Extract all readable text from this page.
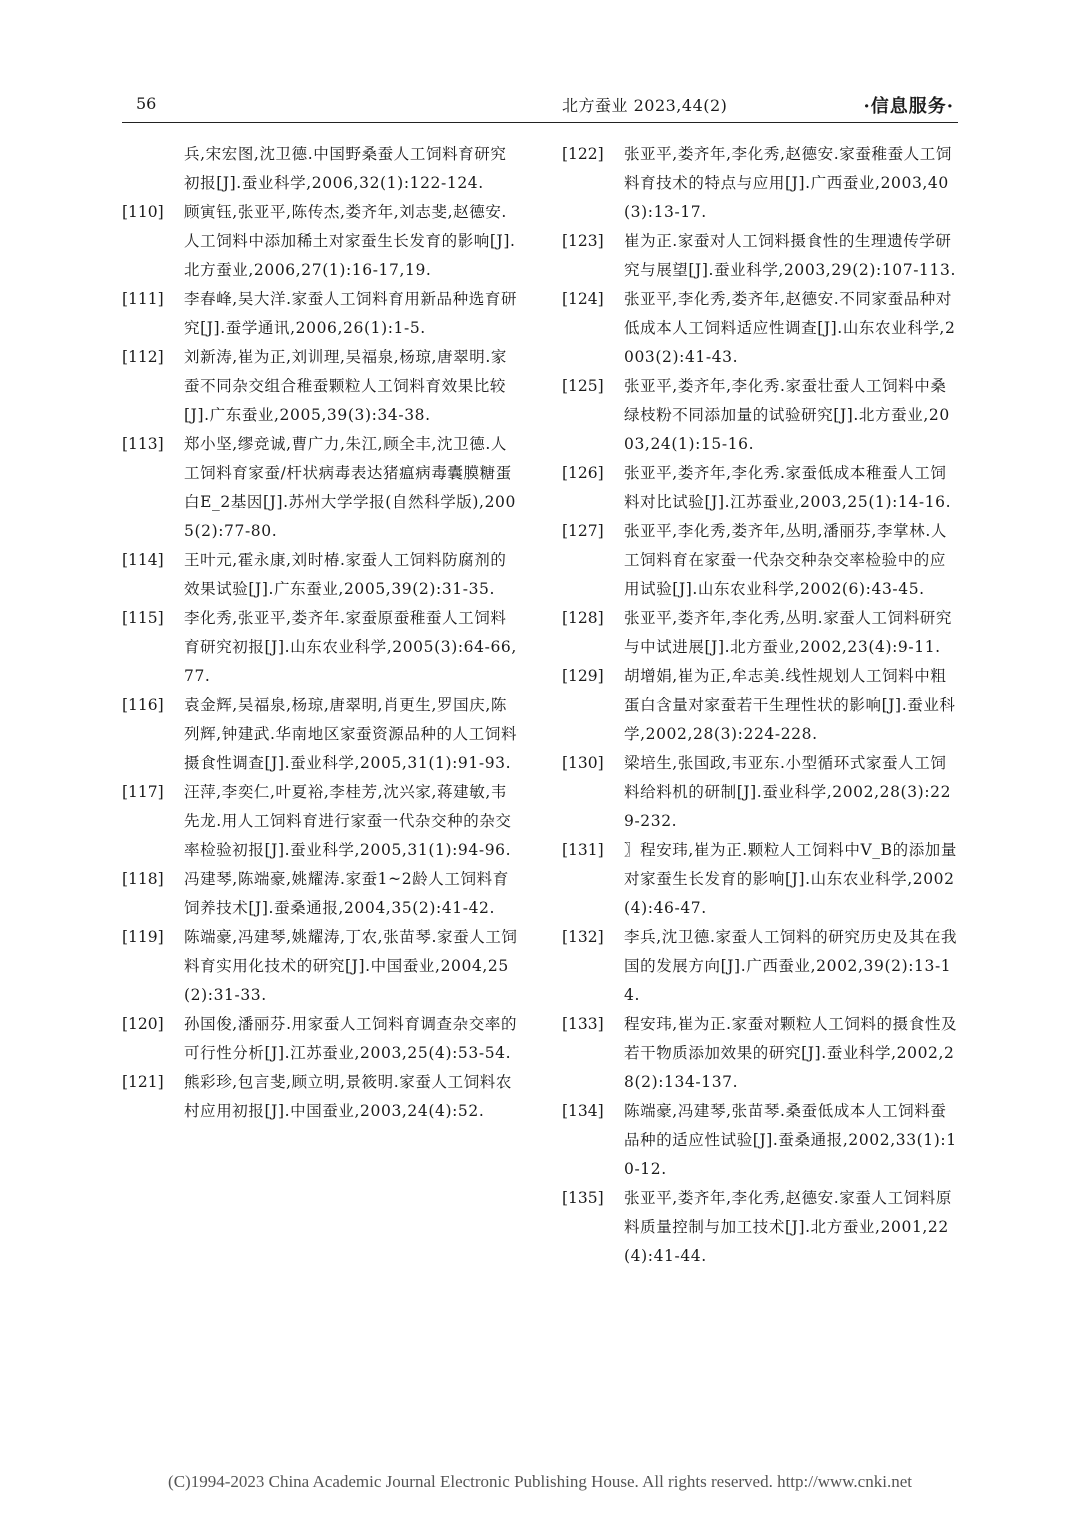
56	北方蚕业 2023,44(2)	·信息服务·
兵,宋宏图,沈卫德.中国野桑蚕人工饲料育研究初报[J].蚕业科学,2006,32(1):122-124.
[110]	顾寅钰,张亚平,陈传杰,娄齐年,刘志斐,赵德安.人工饲料中添加稀土对家蚕生长发育的影响[J].北方蚕业,2006,27(1):16-17,19.
[111]	李春峰,吴大洋.家蚕人工饲料育用新品种选育研究[J].蚕学通讯,2006,26(1):1-5.
[112]	刘新涛,崔为正,刘训理,吴福泉,杨琼,唐翠明.家蚕不同杂交组合稚蚕颗粒人工饲料育效果比较[J].广东蚕业,2005,39(3):34-38.
[113]	郑小坚,缪竞诚,曹广力,朱江,顾全丰,沈卫德.人工饲料育家蚕/杆状病毒表达猪瘟病毒囊膜糖蛋白E_2基因[J].苏州大学学报(自然科学版),2005(2):77-80.
[114]	王叶元,霍永康,刘时椿.家蚕人工饲料防腐剂的效果试验[J].广东蚕业,2005,39(2):31-35.
[115]	李化秀,张亚平,娄齐年.家蚕原蚕稚蚕人工饲料育研究初报[J].山东农业科学,2005(3):64-66,77.
[116]	袁金辉,吴福泉,杨琼,唐翠明,肖更生,罗国庆,陈列辉,钟建武.华南地区家蚕资源品种的人工饲料摄食性调查[J].蚕业科学,2005,31(1):91-93.
[117]	汪萍,李奕仁,叶夏裕,李桂芳,沈兴家,蒋建敏,韦先龙.用人工饲料育进行家蚕一代杂交种的杂交率检验初报[J].蚕业科学,2005,31(1):94-96.
[118]	冯建琴,陈端豪,姚耀涛.家蚕1~2龄人工饲料育饲养技术[J].蚕桑通报,2004,35(2):41-42.
[119]	陈端豪,冯建琴,姚耀涛,丁农,张苗琴.家蚕人工饲料育实用化技术的研究[J].中国蚕业,2004,25(2):31-33.
[120]	孙国俊,潘丽芬.用家蚕人工饲料育调查杂交率的可行性分析[J].江苏蚕业,2003,25(4):53-54.
[121]	熊彩珍,包言斐,顾立明,景筱明.家蚕人工饲料农村应用初报[J].中国蚕业,2003,24(4):52.
[122]	张亚平,娄齐年,李化秀,赵德安.家蚕稚蚕人工饲料育技术的特点与应用[J].广西蚕业,2003,40(3):13-17.
[123]	崔为正.家蚕对人工饲料摄食性的生理遗传学研究与展望[J].蚕业科学,2003,29(2):107-113.
[124]	张亚平,李化秀,娄齐年,赵德安.不同家蚕品种对低成本人工饲料适应性调查[J].山东农业科学,2003(2):41-43.
[125]	张亚平,娄齐年,李化秀.家蚕壮蚕人工饲料中桑绿枝粉不同添加量的试验研究[J].北方蚕业,2003,24(1):15-16.
[126]	张亚平,娄齐年,李化秀.家蚕低成本稚蚕人工饲料对比试验[J].江苏蚕业,2003,25(1):14-16.
[127]	张亚平,李化秀,娄齐年,丛明,潘丽芬,李掌林.人工饲料育在家蚕一代杂交种杂交率检验中的应用试验[J].山东农业科学,2002(6):43-45.
[128]	张亚平,娄齐年,李化秀,丛明.家蚕人工饲料研究与中试进展[J].北方蚕业,2002,23(4):9-11.
[129]	胡增娟,崔为正,牟志美.线性规划人工饲料中粗蛋白含量对家蚕若干生理性状的影响[J].蚕业科学,2002,28(3):224-228.
[130]	梁培生,张国政,韦亚东.小型循环式家蚕人工饲料给料机的研制[J].蚕业科学,2002,28(3):229-232.
[131]	〗程安玮,崔为正.颗粒人工饲料中V_B的添加量对家蚕生长发育的影响[J].山东农业科学,2002(4):46-47.
[132]	李兵,沈卫德.家蚕人工饲料的研究历史及其在我国的发展方向[J].广西蚕业,2002,39(2):13-14.
[133]	程安玮,崔为正.家蚕对颗粒人工饲料的摄食性及若干物质添加效果的研究[J].蚕业科学,2002,28(2):134-137.
[134]	陈端豪,冯建琴,张苗琴.桑蚕低成本人工饲料蚕品种的适应性试验[J].蚕桑通报,2002,33(1):10-12.
[135]	张亚平,娄齐年,李化秀,赵德安.家蚕人工饲料原料质量控制与加工技术[J].北方蚕业,2001,22(4):41-44.
(C)1994-2023 China Academic Journal Electronic Publishing House. All rights reserved. http://www.cnki.net
